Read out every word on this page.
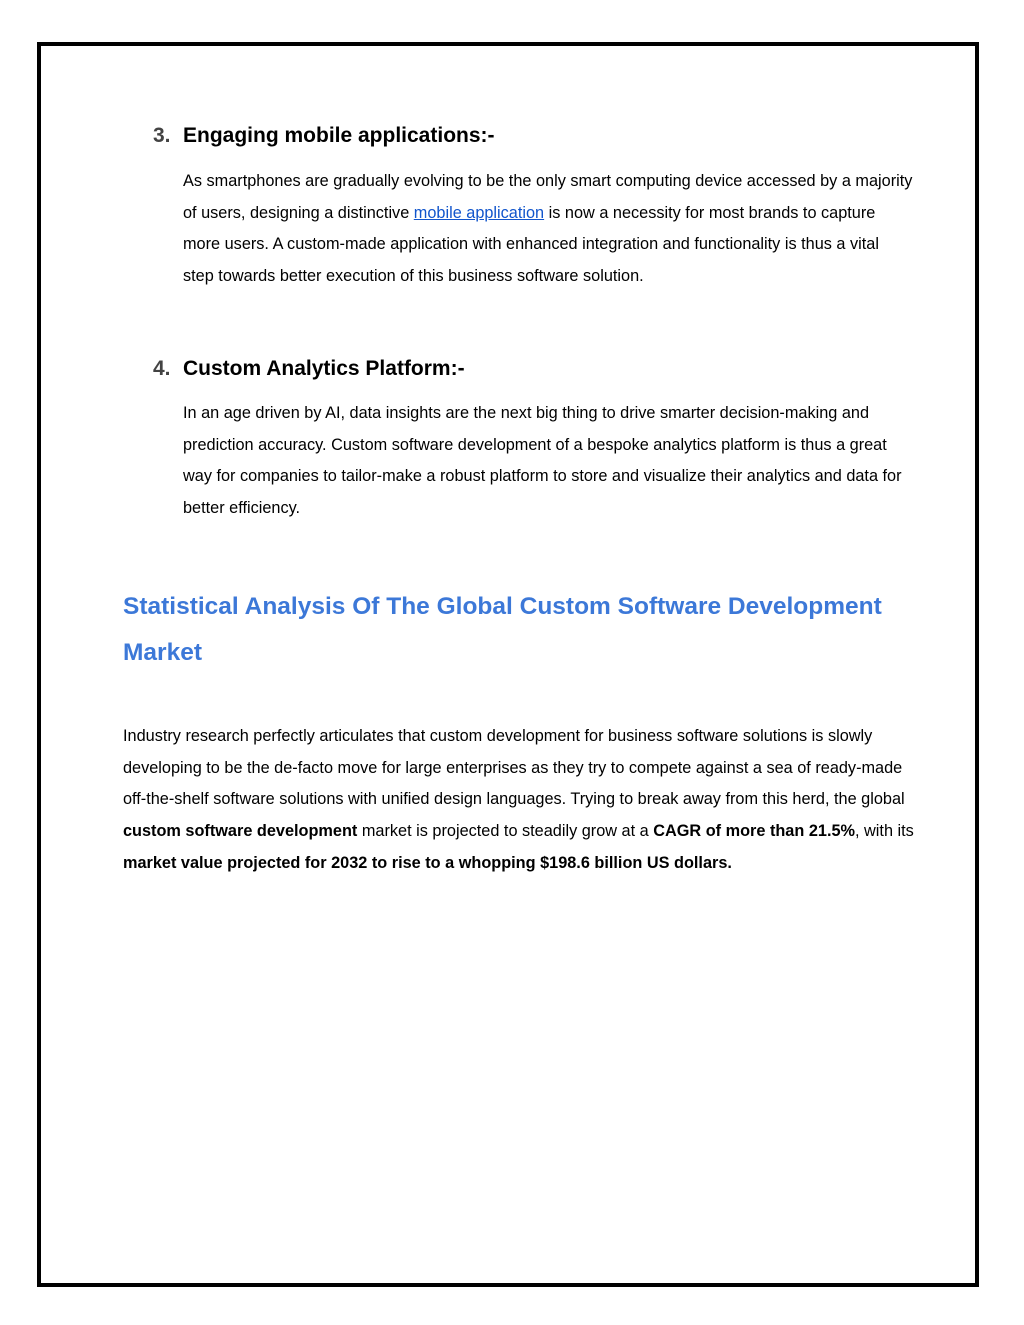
3. Engaging mobile applications:-
As smartphones are gradually evolving to be the only smart computing device accessed by a majority of users, designing a distinctive mobile application is now a necessity for most brands to capture more users. A custom-made application with enhanced integration and functionality is thus a vital step towards better execution of this business software solution.
4. Custom Analytics Platform:-
In an age driven by AI, data insights are the next big thing to drive smarter decision-making and prediction accuracy. Custom software development of a bespoke analytics platform is thus a great way for companies to tailor-make a robust platform to store and visualize their analytics and data for better efficiency.
Statistical Analysis Of The Global Custom Software Development Market
Industry research perfectly articulates that custom development for business software solutions is slowly developing to be the de-facto move for large enterprises as they try to compete against a sea of ready-made off-the-shelf software solutions with unified design languages. Trying to break away from this herd, the global custom software development market is projected to steadily grow at a CAGR of more than 21.5%, with its market value projected for 2032 to rise to a whopping $198.6 billion US dollars.
